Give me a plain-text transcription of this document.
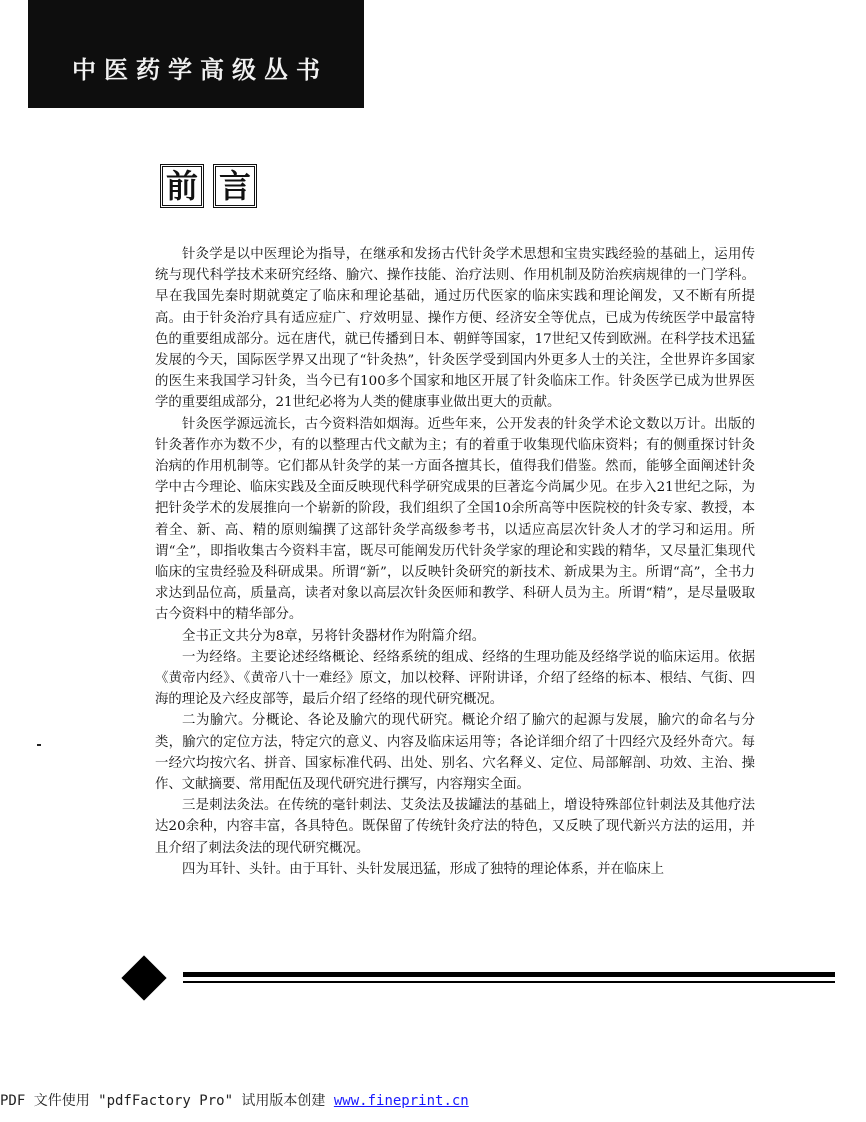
中医药学高级丛书
前 言

针灸学是以中医理论为指导，在继承和发扬古代针灸学术思想和宝贵实践经验的基础上，运用传统与现代科学技术来研究经络、腧穴、操作技能、治疗法则、作用机制及防治疾病规律的一门学科。早在我国先秦时期就奠定了临床和理论基础，通过历代医家的临床实践和理论阐发，又不断有所提高。由于针灸治疗具有适应症广、疗效明显、操作方便、经济安全等优点，已成为传统医学中最富特色的重要组成部分。远在唐代，就已传播到日本、朝鲜等国家，17世纪又传到欧洲。在科学技术迅猛发展的今天，国际医学界又出现了“针灸热”，针灸医学受到国内外更多人士的关注，全世界许多国家的医生来我国学习针灸，当今已有100多个国家和地区开展了针灸临床工作。针灸医学已成为世界医学的重要组成部分，21世纪必将为人类的健康事业做出更大的贡献。

针灸医学源远流长，古今资料浩如烟海。近些年来，公开发表的针灸学术论文数以万计。出版的针灸著作亦为数不少，有的以整理古代文献为主；有的着重于收集现代临床资料；有的侧重探讨针灸治病的作用机制等。它们都从针灸学的某一方面各擅其长，值得我们借鉴。然而，能够全面阐述针灸学中古今理论、临床实践及全面反映现代科学研究成果的巨著迄今尚属少见。在步入21世纪之际，为把针灸学术的发展推向一个崭新的阶段，我们组织了全国10余所高等中医院校的针灸专家、教授，本着全、新、高、精的原则编撰了这部针灸学高级参考书，以适应高层次针灸人才的学习和运用。所谓“全”，即指收集古今资料丰富，既尽可能阐发历代针灸学家的理论和实践的精华，又尽量汇集现代临床的宝贵经验及科研成果。所谓“新”，以反映针灸研究的新技术、新成果为主。所谓“高”，全书力求达到品位高，质量高，读者对象以高层次针灸医师和教学、科研人员为主。所谓“精”，是尽量吸取古今资料中的精华部分。

全书正文共分为8章，另将针灸器材作为附篇介绍。

一为经络。主要论述经络概论、经络系统的组成、经络的生理功能及经络学说的临床运用。依据《黄帝内经》、《黄帝八十一难经》原文，加以校释、评附讲译，介绍了经络的标本、根结、气街、四海的理论及六经皮部等，最后介绍了经络的现代研究概况。

二为腧穴。分概论、各论及腧穴的现代研究。概论介绍了腧穴的起源与发展，腧穴的命名与分类，腧穴的定位方法，特定穴的意义、内容及临床运用等；各论详细介绍了十四经穴及经外奇穴。每一经穴均按穴名、拼音、国家标准代码、出处、别名、穴名释义、定位、局部解剖、功效、主治、操作、文献摘要、常用配伍及现代研究进行撰写，内容翔实全面。

三是刺法灸法。在传统的毫针刺法、艾灸法及拔罐法的基础上，增设特殊部位针刺法及其他疗法达20余种，内容丰富，各具特色。既保留了传统针灸疗法的特色，又反映了现代新兴方法的运用，并且介绍了刺法灸法的现代研究概况。

四为耳针、头针。由于耳针、头针发展迅猛，形成了独特的理论体系，并在临床上

PDF 文件使用 "pdfFactory Pro" 试用版本创建 www.fineprint.cn
